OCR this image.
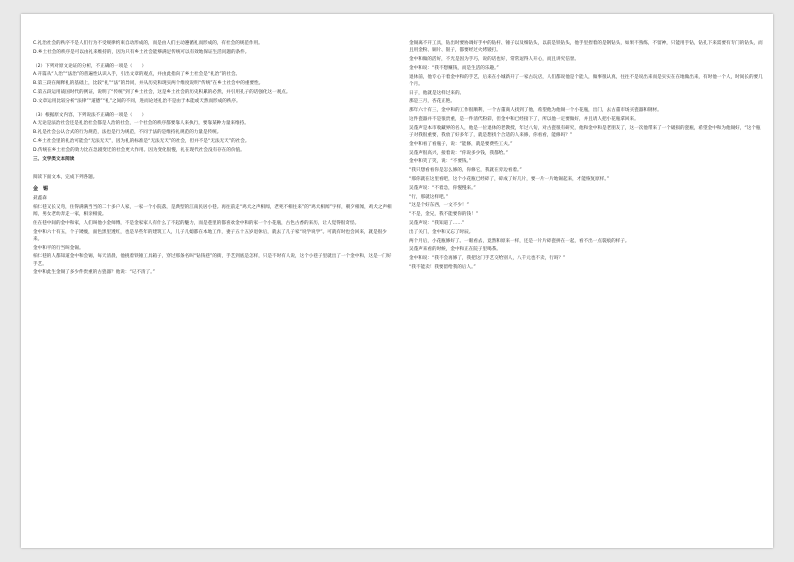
C.礼治社会的秩序不是人们行为不受规律约束自动形成的，而是由人们主动遵循礼而形成的，有社会的规范作用。

D.乡土社会的秩序是可以由礼来维持的，因为只有乡土社会能够满足传统可以有效地保证生活问题的条件。

（2）下列对原文论证的分析，不正确的一项是（　　）

A.开篇从“人治”“法治”的普遍性认识入手，引出文章的观点，并由此指向了乡土社会是“礼治”的社会。

B.第三段在阐释礼的基础上，比较“礼”“法”的异同，并从历史和现实两个维度说明“传统”在乡土社会中的重要性。

C.第五段运用战国时代的例证，说明了“传统”到了乡土社会，这是乡土社会的历史积累的必然，并引用孔子的话强化这一观点。

D.文章运用比较分析“法律”“道德”“礼”之间的不同，进而论述礼治不是由于本能或天然而形成的秩序。

（3）根据原文内容，下列说法不正确的一项是（　　）

A.无论是法治社会还是礼治社会都是人治的社会，一个社会的秩序都要靠人来执行，要靠某种力量来维持。

B.礼是社会公认合式的行为规范，法也是行为规范，不同于法的是维持礼规范的力量是传统。

C.乡土社会里的礼治可能会“无法无天”，因为礼的标准是“无法无天”的社会，但并不是“无法无天”的社会。

D.传统在乡土社会的效力比在急剧变迁的社会更大作用。因为变化很慢，礼在现代社会没有存在的价值。

三、文学类文本阅读

阅读下面文本，完成下列各题。

金　锡

聂鑫森

柏仁巷又长又弯，住得满满当当的二十多户人家，一家一个小院落，是典型的江南民居小巷。再往前走“鸡犬之声相闻，老死不相往来”的“鸡犬相闻”字样，朝夕相闻，鸡犬之声相闻，男女老幼奔走一家，相亲相爱。

住在巷中间的金中和家，人们叫他小金师傅，不是金家家人有什么了不起的魅力，而是巷里的都喜欢金中和的家一个小花瓶，古色古香的来历，让人觉得很奇怪。

金中和六十有五，个子矮瘦，面色黑里透红，也是早些年的建筑工人，儿子儿媳都在本地工作，妻子五十五岁退休后，就去了儿子家“说学说学”。可就有时也会回来，就是很少来。

金中和平的行当叫金锡。

柏仁巷的人都知道金中和会锡，每天清晨，他挑着铁锤工具箱子，穿过那条名叫“钻钱巷”的街，手艺到底是怎样，只是不时有人说，这个小巷子里就出了一个金中和，这是一门好手艺。

金中和此生金锡了多少件贵重的古瓷器？他说：“记不清了。”

金锡离不开工具，钻出时要协调好手中的钻杆、锤子以及细钻头，以前是铁钻头，他手里捏着的是钢钻头，如果不熟练，不留神，只能用手钻，钻孔下来需要有专门的钻头，而且用金粉、铜片、银子，都要经过火烤锻打。

金中和做的活好，不光是因为手巧，说的话也好，常常逗得人开心，而且讲究信誉。

金中和说：“我不想赚钱，而是生活的乐趣。”

退休前，他专心干着金中和的手艺，后来在小城新开了一家古玩店，人们都说他是个能人，做事很认真，往往不是说出来而是实实在在地做出来，有时他一个人，时间长的要几个月。

日子，他就是这样过来的。

那是三月，杏花正艳。

那年六十有三，金中和的工作很顺利，一个古董商人找到了他，希望他为他锡一个小花瓶，出门，去古董市场买瓷器和钢材。

这件瓷器并不是很贵重，是一件清代粉彩，但金中和已经接下了，所以他一定要做好，并且请人把小花瓶拿回来。

吴蓬声是本市收藏界的名人，他是一位退休的老教授，年过八旬，对古瓷很有研究，他和金中和是老朋友了，这一次他带来了一个破损的瓷瓶，希望金中和为他锡好，“这个瓶子对我很重要，我放了好多年了，就是想找个合适的人来修，你看看，能修吗？”

金中和看了看瓶子，说：“能修，就是要费些工夫。”

吴蓬声很高兴，接着说：“你说多少钱，我都给。”

金中和笑了笑，说：“不要钱。”

“我只想看看你是怎么修的，你修它，我就在旁边看着。”

“那你就在这里看吧，这个小花瓶已经碎了，碎成了好几片，要一片一片地锡起来，才能恢复原样。”

吴蓬声说：“不着急，你慢慢来。”

“行，那就这样吧。”

“这是个好东西，一文不少！”

“不是，金兄，我不能要你的钱！”

吴蓬声说：“我知道了……”

出了关门，金中和又忘了时辰。

两个月后，小花瓶修好了。一眼看去，竟然和原来一样，还是一片片碎瓷拼在一起，看不出一点裂痕的样子。

吴蓬声来看的时候，金中和正在院子里喝茶。

金中和说：“我不会再修了，我把这门手艺交给别人，八千元也不卖，行吗？”

“我不能卖！我要留给我的后人。”
